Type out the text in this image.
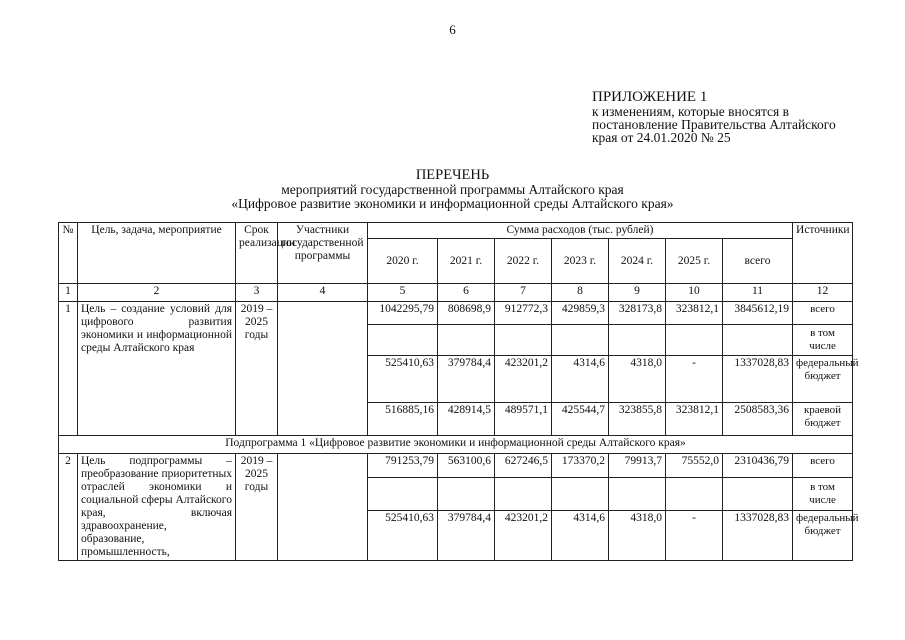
6
ПРИЛОЖЕНИЕ 1
к изменениям, которые вносятся в постановление Правительства Алтайского края от 24.01.2020 № 25
ПЕРЕЧЕНЬ
мероприятий государственной программы Алтайского края
«Цифровое развитие экономики и информационной среды Алтайского края»
№	Цель, задача, мероприятие	Срок реализации	Участники государственной программы	Сумма расходов (тыс. рублей)							Источники
				2020 г.	2021 г.	2022 г.	2023 г.	2024 г.	2025 г.	всего	
1	2	3	4	5	6	7	8	9	10	11	12
1	Цель – создание условий для цифрового развития экономики и информационной среды Алтайского края	2019 – 2025 годы		1042295,79	808698,9	912772,3	429859,3	328173,8	323812,1	3845612,19	всего
											в том числе
				525410,63	379784,4	423201,2	4314,6	4318,0	-	1337028,83	федеральный бюджет
				516885,16	428914,5	489571,1	425544,7	323855,8	323812,1	2508583,36	краевой бюджет
Подпрограмма 1 «Цифровое развитие экономики и информационной среды Алтайского края»											
2	Цель подпрограммы – преобразование приоритетных отраслей экономики и социальной сферы Алтайского края, включая здравоохранение, образование, промышленность,	2019 – 2025 годы		791253,79	563100,6	627246,5	173370,2	79913,7	75552,0	2310436,79	всего
											в том числе
				525410,63	379784,4	423201,2	4314,6	4318,0	-	1337028,83	федеральный бюджет
